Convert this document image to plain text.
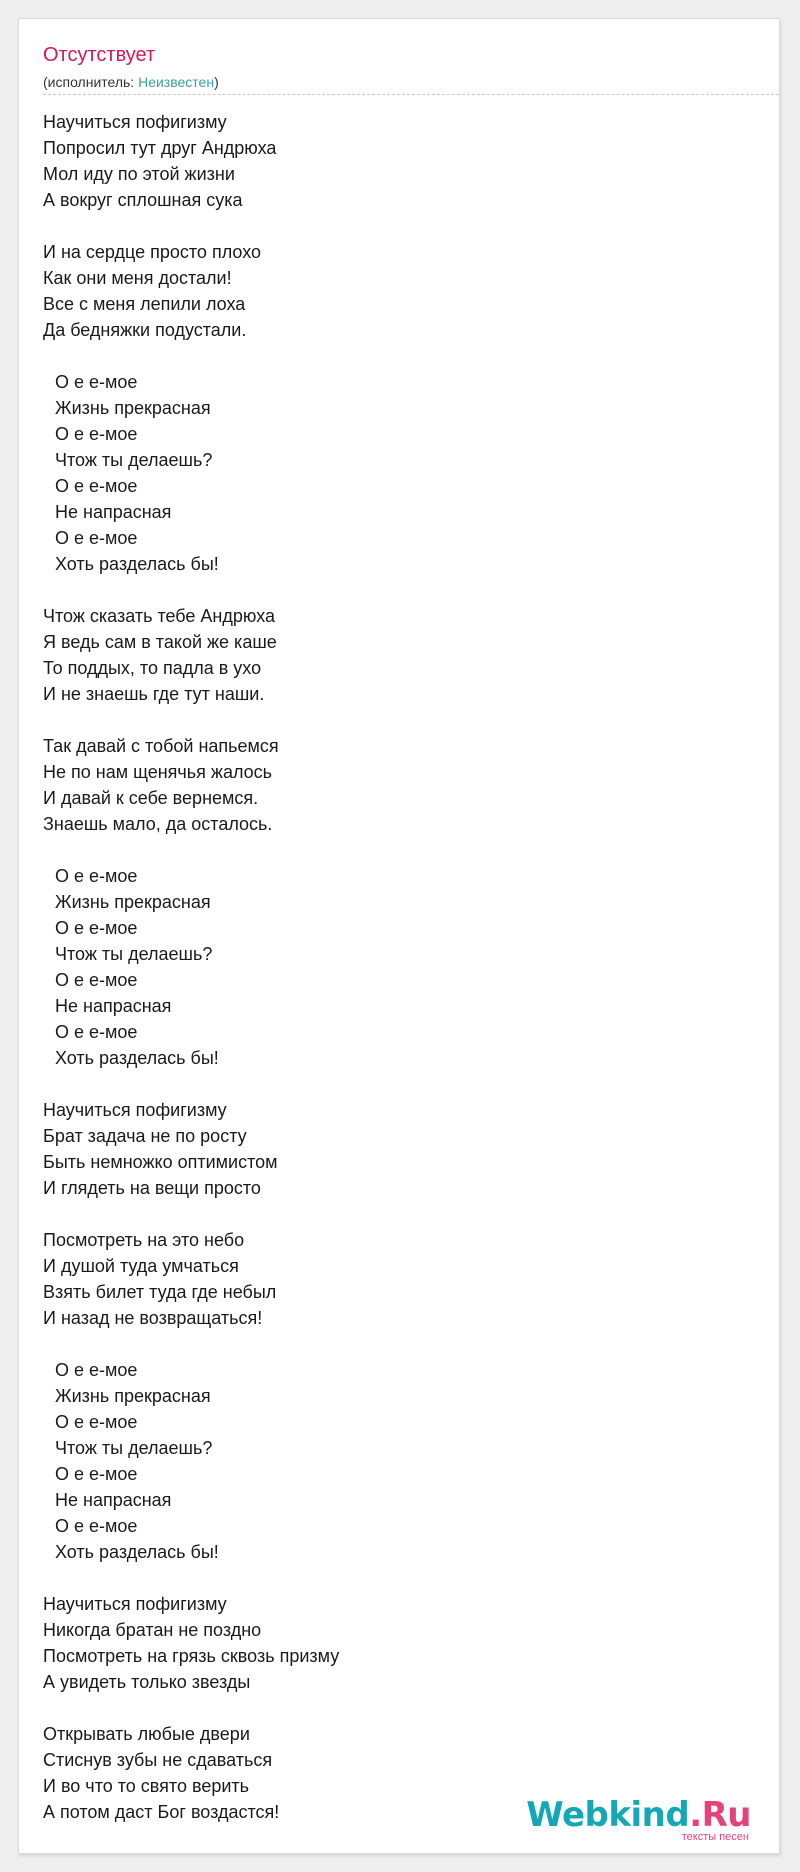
Отсутствует
(исполнитель: Неизвестен)
Научиться пофигизму
Попросил тут друг Андрюха
Мол иду по этой жизни
А вокруг сплошная сука
И на сердце просто плохо
Как они меня достали!
Все с меня лепили лоха
Да бедняжки подустали.
О е е-мое
Жизнь прекрасная
О е е-мое
Чтож ты делаешь?
О е е-мое
Не напрасная
О е е-мое
Хоть разделась бы!
Чтож сказать тебе Андрюха
Я ведь сам в такой же каше
То поддых, то падла в ухо
И не знаешь где тут наши.
Так давай с тобой напьемся
Не по нам щенячья жалось
И давай к себе вернемся.
Знаешь мало, да осталось.
О е е-мое
Жизнь прекрасная
О е е-мое
Чтож ты делаешь?
О е е-мое
Не напрасная
О е е-мое
Хоть разделась бы!
Научиться пофигизму
Брат задача не по росту
Быть немножко оптимистом
И глядеть на вещи просто
Посмотреть на это небо
И душой туда умчаться
Взять билет туда где небыл
И назад не возвращаться!
О е е-мое
Жизнь прекрасная
О е е-мое
Чтож ты делаешь?
О е е-мое
Не напрасная
О е е-мое
Хоть разделась бы!
Научиться пофигизму
Никогда братан не поздно
Посмотреть на грязь сквозь призму
А увидеть только звезды
Открывать любые двери
Стиснув зубы не сдаваться
И во что то свято верить
А потом даст Бог воздастся!	Webkind.Ru
тексты песен
